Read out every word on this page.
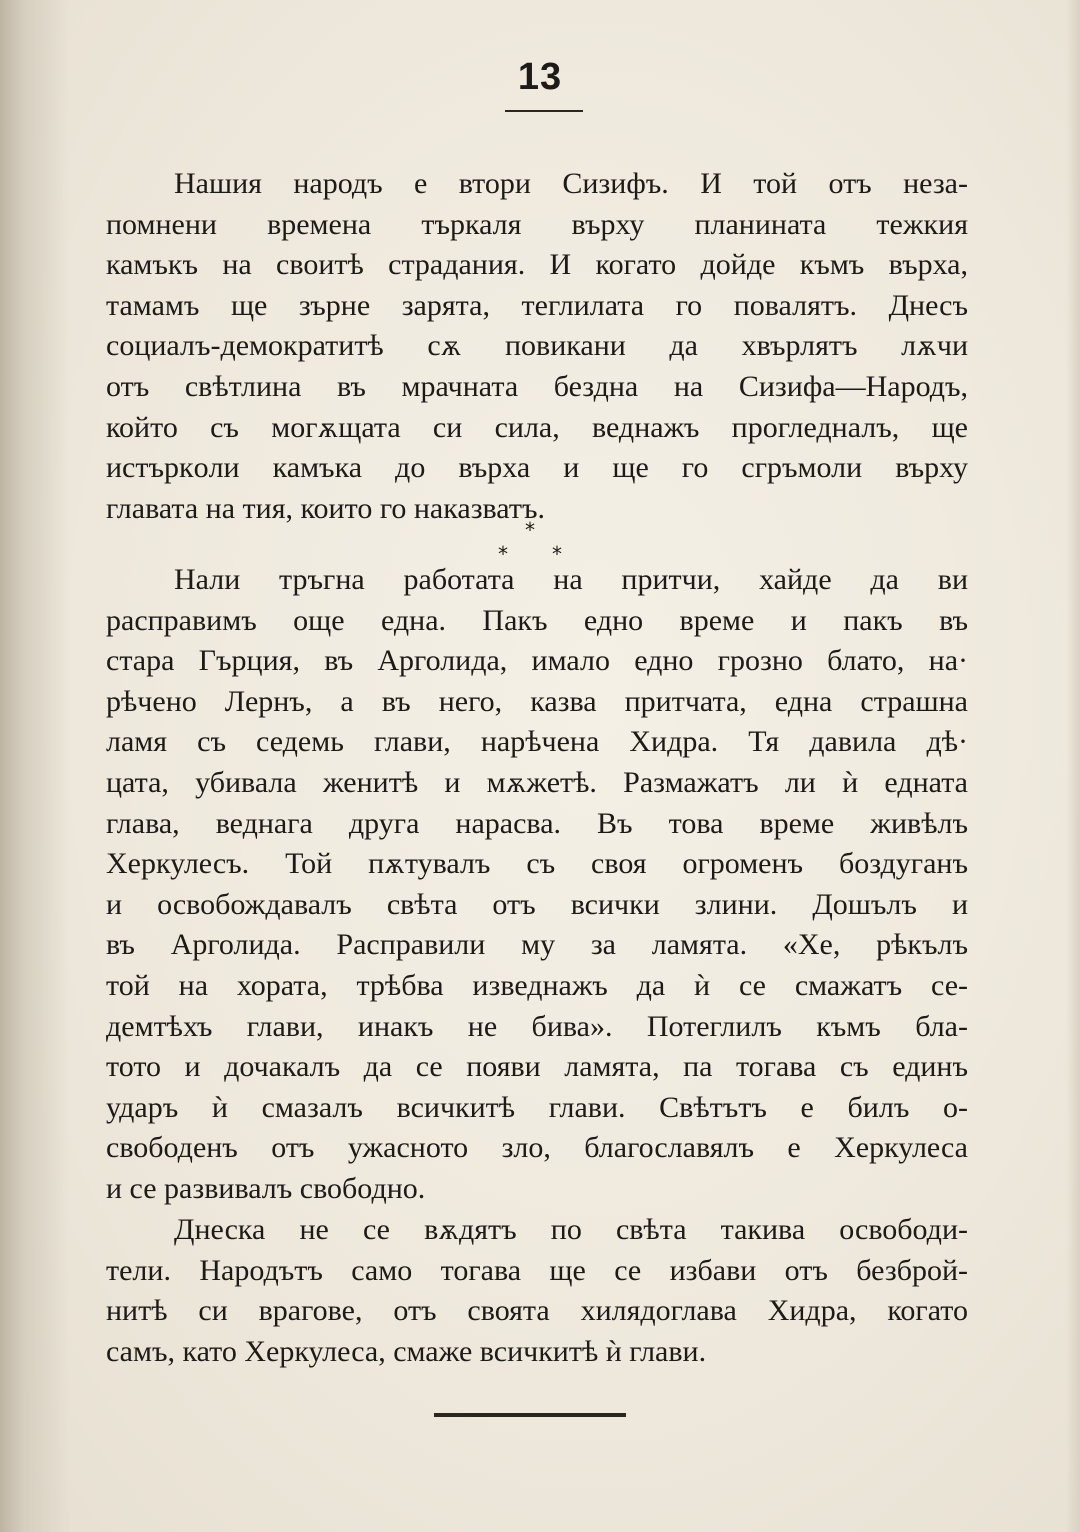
13
Нашия народъ е втори Сизифъ. И той отъ неза-
помнени времена търкаля върху планината тежкия
камъкъ на своитѣ страдания. И когато дойде къмъ върха,
тамамъ ще зърне зарята, теглилата го повалятъ. Днесъ
социалъ-демократитѣ сѫ повикани да хвърлятъ лѫчи
отъ свѣтлина въ мрачната бездна на Сизифа—Народъ,
който съ могѫщата си сила, веднажъ прогледналъ, ще
истъркoли камъка до върха и ще го сгръмоли върху
главата на тия, които го наказватъ.
*
* *
Нали тръгна работата на притчи, хайде да ви
расправимъ още една. Пакъ едно време и пакъ въ
стара Гърция, въ Арголида, имало едно грозно блато, на·
рѣчено Лернъ, а въ него, казва притчата, една страшна
ламя съ седемь глави, нарѣчена Хидра. Тя давила дѣ·
цата, убивала женитѣ и мѫжетѣ. Размажатъ ли ѝ едната
глава, веднага друга нарасва. Въ това време живѣлъ
Херкулесъ. Той пѫтувалъ съ своя огроменъ боздуганъ
и освобождавалъ свѣта отъ всички злини. Дошълъ и
въ Арголида. Расправили му за ламята. «Хе, рѣкълъ
той на хората, трѣбва изведнажъ да ѝ се смажатъ се-
демтѣхъ глави, инакъ не бива». Потеглилъ къмъ бла-
тото и дочакалъ да се появи ламята, па тогава съ единъ
ударъ ѝ смазалъ всичкитѣ глави. Свѣтътъ е билъ о-
свободенъ отъ ужасното зло, благославялъ е Херкулеса
и се развивалъ свободно.
Днеска не се вѫдятъ по свѣта такива освободи-
тели. Народътъ само тогава ще се избави отъ безброй-
нитѣ си врагове, отъ своята хилядоглава Хидра, когато
самъ, като Херкулеса, смаже всичкитѣ ѝ глави.
